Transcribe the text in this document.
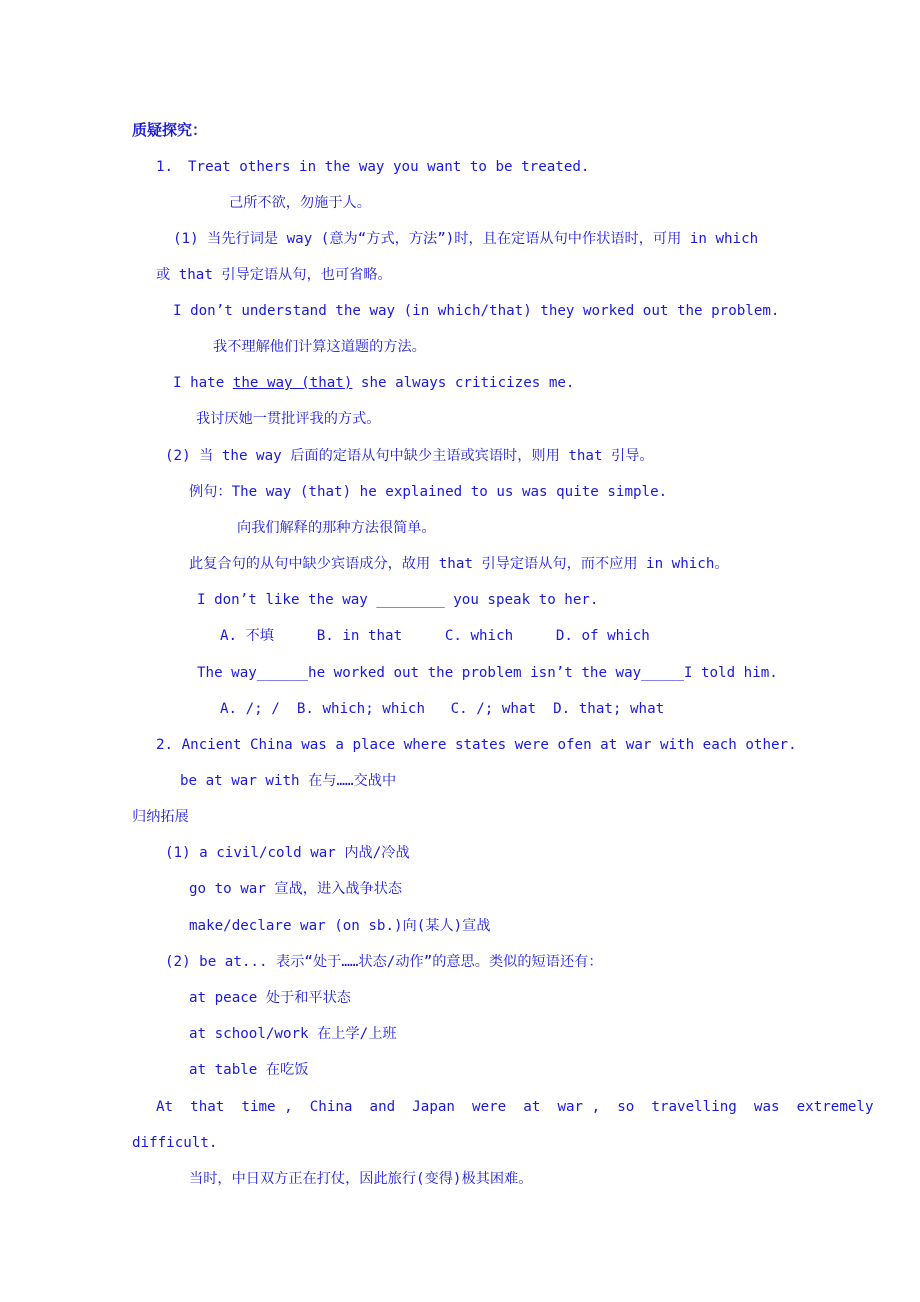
质疑探究：
1. Treat others in the way you want to be treated.
己所不欲，勿施于人。
(1) 当先行词是 way (意为“方式，方法”)时，且在定语从句中作状语时，可用 in which
或 that 引导定语从句，也可省略。
I don’t understand the way (in which/that) they worked out the problem.
我不理解他们计算这道题的方法。
I hate the way (that) she always criticizes me.
我讨厌她一贯批评我的方式。
(2) 当 the way 后面的定语从句中缺少主语或宾语时，则用 that 引导。
例句：The way (that) he explained to us was quite simple.
向我们解释的那种方法很简单。
此复合句的从句中缺少宾语成分，故用 that 引导定语从句，而不应用 in which。
I don’t like the way ________ you speak to her.
A. 不填     B. in that     C. which     D. of which
The way______he worked out the problem isn’t the way_____I told him.
A. /; /  B. which; which   C. /; what  D. that; what
2. Ancient China was a place where states were ofen at war with each other.
be at war with 在与……交战中
归纳拓展
(1) a civil/cold war 内战/冷战
go to war 宣战，进入战争状态
make/declare war (on sb.)向(某人)宣战
(2) be at... 表示“处于……状态/动作”的意思。类似的短语还有：
at peace 处于和平状态
at school/work 在上学/上班
at table 在吃饭
At  that  time ,  China  and  Japan  were  at  war ,  so  travelling  was  extremely
difficult.
当时，中日双方正在打仗，因此旅行(变得)极其困难。
